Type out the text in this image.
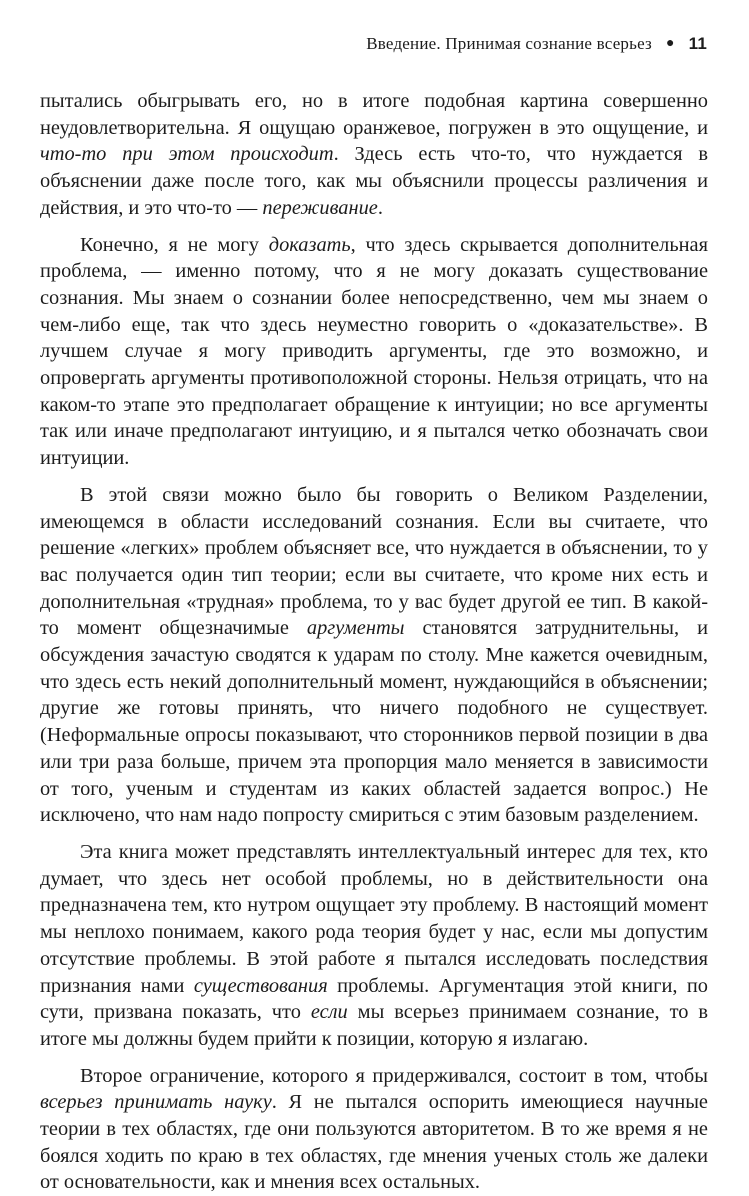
Введение. Принимая сознание всерьез ● 11

пытались обыгрывать его, но в итоге подобная картина совершенно неудовлетворительна. Я ощущаю оранжевое, погружен в это ощущение, и что-то при этом происходит. Здесь есть что-то, что нуждается в объяснении даже после того, как мы объяснили процессы различения и действия, и это что-то — переживание.

Конечно, я не могу доказать, что здесь скрывается дополнительная проблема, — именно потому, что я не могу доказать существование сознания. Мы знаем о сознании более непосредственно, чем мы знаем о чем-либо еще, так что здесь неуместно говорить о «доказательстве». В лучшем случае я могу приводить аргументы, где это возможно, и опровергать аргументы противоположной стороны. Нельзя отрицать, что на каком-то этапе это предполагает обращение к интуиции; но все аргументы так или иначе предполагают интуицию, и я пытался четко обозначать свои интуиции.

В этой связи можно было бы говорить о Великом Разделении, имеющемся в области исследований сознания. Если вы считаете, что решение «легких» проблем объясняет все, что нуждается в объяснении, то у вас получается один тип теории; если вы считаете, что кроме них есть и дополнительная «трудная» проблема, то у вас будет другой ее тип. В какой-то момент общезначимые аргументы становятся затруднительны, и обсуждения зачастую сводятся к ударам по столу. Мне кажется очевидным, что здесь есть некий дополнительный момент, нуждающийся в объяснении; другие же готовы принять, что ничего подобного не существует. (Неформальные опросы показывают, что сторонников первой позиции в два или три раза больше, причем эта пропорция мало меняется в зависимости от того, ученым и студентам из каких областей задается вопрос.) Не исключено, что нам надо попросту смириться с этим базовым разделением.

Эта книга может представлять интеллектуальный интерес для тех, кто думает, что здесь нет особой проблемы, но в действительности она предназначена тем, кто нутром ощущает эту проблему. В настоящий момент мы неплохо понимаем, какого рода теория будет у нас, если мы допустим отсутствие проблемы. В этой работе я пытался исследовать последствия признания нами существования проблемы. Аргументация этой книги, по сути, призвана показать, что если мы всерьез принимаем сознание, то в итоге мы должны будем прийти к позиции, которую я излагаю.

Второе ограничение, которого я придерживался, состоит в том, чтобы всерьез принимать науку. Я не пытался оспорить имеющиеся научные теории в тех областях, где они пользуются авторитетом. В то же время я не боялся ходить по краю в тех областях, где мнения ученых столь же далеки от основательности, как и мнения всех остальных.
